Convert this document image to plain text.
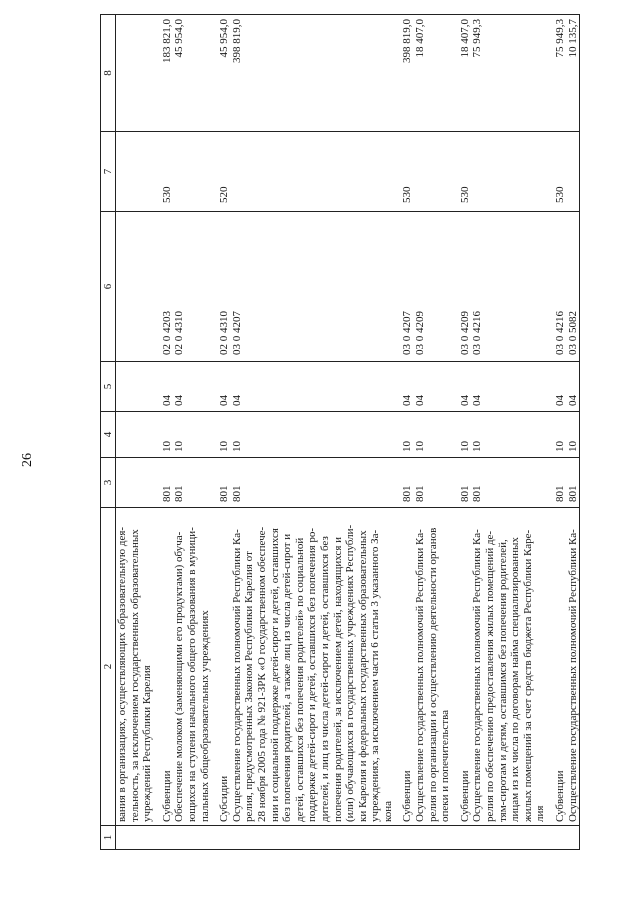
26
1	2	3	4	5	6	7	8
	вания в организациях, осуществляющих образовательную дея-						
	тельность, за исключением государственных образовательных						
	учреждений Республики Карелия						

	Субвенции	801	10	04	02 0 4203	530	183 821,0
	Обеспечение молоком (заменяющими его продуктами) обуча-	801	10	04	02 0 4310		45 954,0
	ющихся на ступени начального общего образования в муници-						
	пальных общеобразовательных учреждениях						

	Субсидии	801	10	04	02 0 4310	520	45 954,0
	Осуществление государственных полномочий Республики Ка-	801	10	04	03 0 4207		398 819,0
	релия, предусмотренных Законом Республики Карелия от						
	28 ноября 2005 года № 921-ЗРК «О государственном обеспече-						
	нии и социальной поддержке детей-сирот и детей, оставшихся						
	без попечения родителей, а также лиц из числа детей-сирот и						
	детей, оставшихся без попечения родителей» по социальной						
	поддержке детей-сирот и детей, оставшихся без попечения ро-						
	дителей, и лиц из числа детей-сирот и детей, оставшихся без						
	попечения родителей, за исключением детей, находящихся и						
	(или) обучающихся в государственных учреждениях Республи-						
	ки Карелия и федеральных государственных образовательных						
	учреждениях, за исключением части 6 статьи 3 указанного За-						
	кона						

	Субвенции	801	10	04	03 0 4207	530	398 819,0
	Осуществление государственных полномочий Республики Ка-	801	10	04	03 0 4209		18 407,0
	релия по организации и осуществлению деятельности органов						
	опеки и попечительства						

	Субвенции	801	10	04	03 0 4209	530	18 407,0
	Осуществление государственных полномочий Республики Ка-	801	10	04	03 0 4216		75 949,3
	релия по обеспечению предоставления жилых помещений де-						
	тям-сиротам и детям, оставшимся без попечения родителей,						
	лицам из их числа по договорам найма специализированных						
	жилых помещений за счет средств бюджета Республики Каре-						
	лия						

	Субвенции	801	10	04	03 0 4216	530	75 949,3
	Осуществление государственных полномочий Республики Ка-	801	10	04	03 0 5082		10 135,7
